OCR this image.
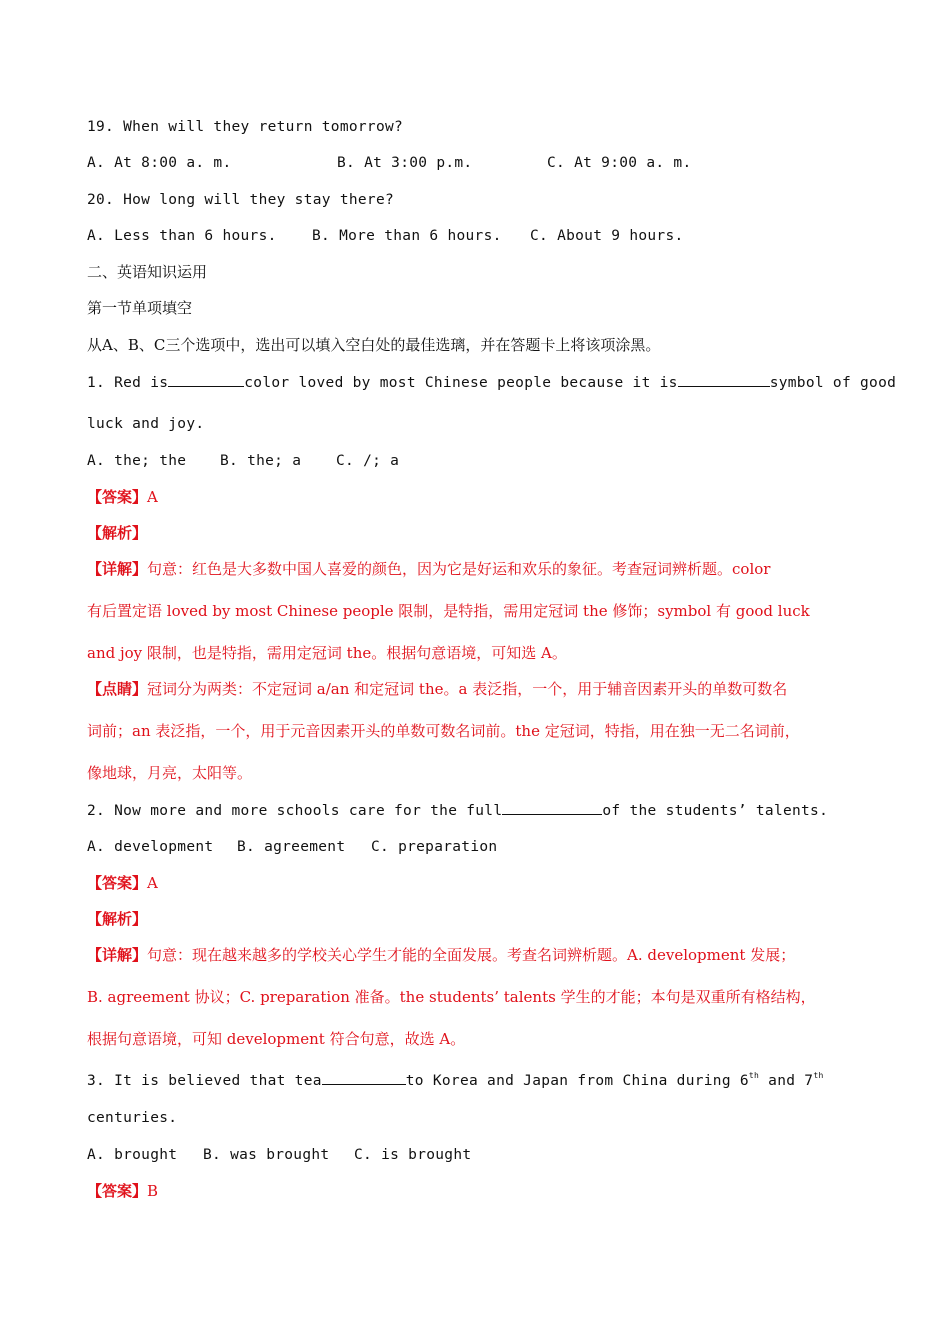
19. When will they return tomorrow?
A. At 8:00 a. m.	B. At 3:00 p.m.	C. At 9:00 a. m.
20. How long will they stay there?
A. Less than 6 hours. B. More than 6 hours. C. About 9 hours.
二、英语知识运用
第一节单项填空
从A、B、C三个选项中，选出可以填入空白处的最佳选璃，并在答题卡上将该项涂黑。
1. Red is	color loved by most Chinese people because it is	symbol of good
luck and joy.
A. the; the B. the; a C. /; a
【答案】A
【解析】
【详解】句意：红色是大多数中国人喜爱的颜色，因为它是好运和欢乐的象征。考查冠词辨析题。color
有后置定语 loved by most Chinese people 限制，是特指，需用定冠词 the 修饰；symbol 有 good luck
and joy 限制，也是特指，需用定冠词 the。根据句意语境，可知选 A。
【点睛】冠词分为两类：不定冠词 a/an 和定冠词 the。a 表泛指，一个，用于辅音因素开头的单数可数名
词前；an 表泛指，一个，用于元音因素开头的单数可数名词前。the 定冠词，特指，用在独一无二名词前，
像地球，月亮，太阳等。
2. Now more and more schools care for the full	of the students’ talents.
A. development B. agreement C. preparation
【答案】A
【解析】
【详解】句意：现在越来越多的学校关心学生才能的全面发展。考查名词辨析题。A. development 发展；
B. agreement 协议；C. preparation 准备。the students’ talents 学生的才能；本句是双重所有格结构，
根据句意语境，可知 development 符合句意，故选 A。
3. It is believed that tea	to Korea and Japan from China during 6th and 7th
centuries.
A. brought B. was brought C. is brought
【答案】B
